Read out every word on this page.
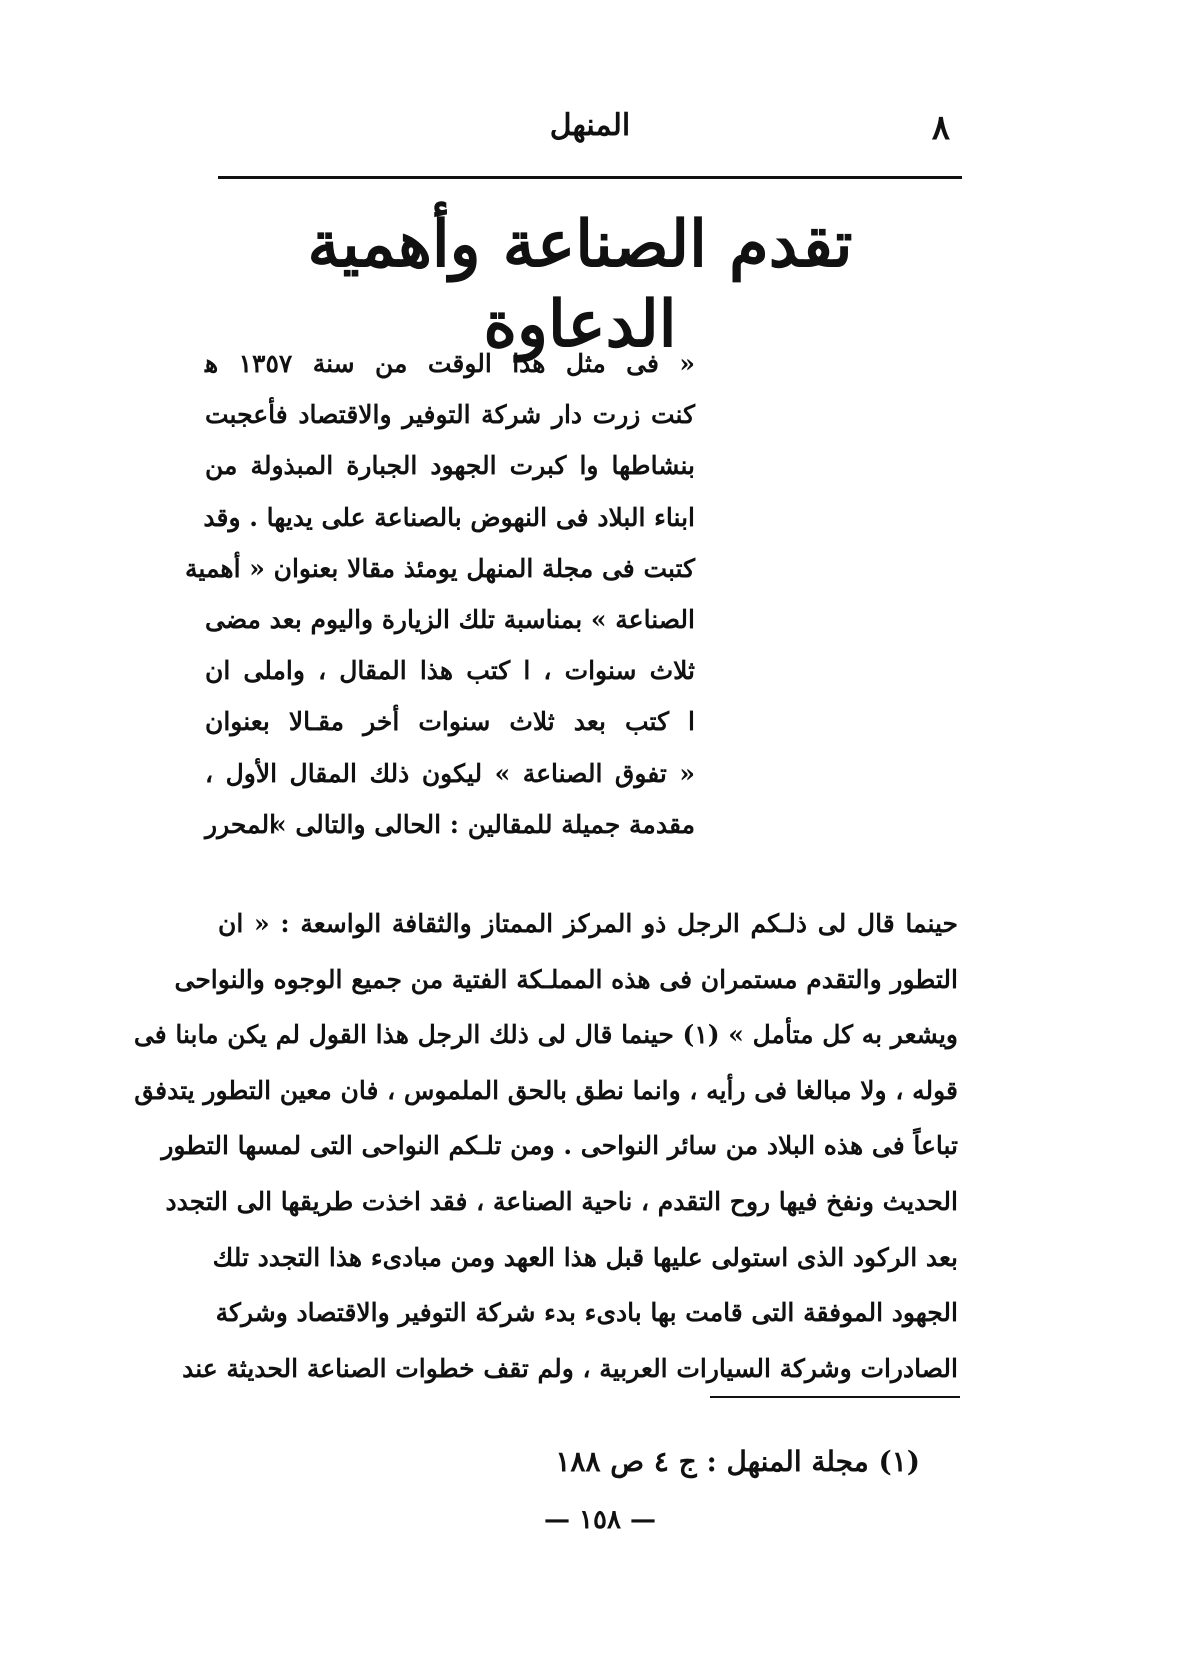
٨
المنهل
تقدم الصناعة وأهمية الدعاوة
« فى مثل هذا الوقت من سنة ١٣٥٧ ﻫ
كنت زرت دار شركة التوفير والاقتصاد فأعجبت
بنشاطها وا كبرت الجهود الجبارة المبذولة من
ابناء البلاد فى النهوض بالصناعة على يديها . وقد
كتبت فى مجلة المنهل يومئذ مقالا بعنوان « أهمية
الصناعة » بمناسبة تلك الزيارة واليوم بعد مضى
ثلاث سنوات ، ا كتب هذا المقال ، واملى ان
ا كتب بعد ثلاث سنوات أخر مقـالا بعنوان
« تفوق الصناعة » ليكون ذلك المقال الأول ،
مقدمة جميلة للمقالين : الحالى والتالى »
المحرر
حينما قال لى ذلـكم الرجل ذو المركز الممتاز والثقافة الواسعة : « ان
التطور والتقدم مستمران فى هذه المملـكة الفتية من جميع الوجوه والنواحى
ويشعر به كل متأمل » (١) حينما قال لى ذلك الرجل هذا القول لم يكن مابنا فى
قوله ، ولا مبالغا فى رأيه ، وانما نطق بالحق الملموس ، فان معين التطور يتدفق
تباعاً فى هذه البلاد من سائر النواحى . ومن تلـكم النواحى التى لمسها التطور
الحديث ونفخ فيها روح التقدم ، ناحية الصناعة ، فقد اخذت طريقها الى التجدد
بعد الركود الذى استولى عليها قبل هذا العهد ومن مبادىء هذا التجدد تلك
الجهود الموفقة التى قامت بها بادىء بدء شركة التوفير والاقتصاد وشركة
الصادرات وشركة السيارات العربية ، ولم تقف خطوات الصناعة الحديثة عند
(١) مجلة المنهل : ج ٤ ص ١٨٨
— ١٥٨ —
